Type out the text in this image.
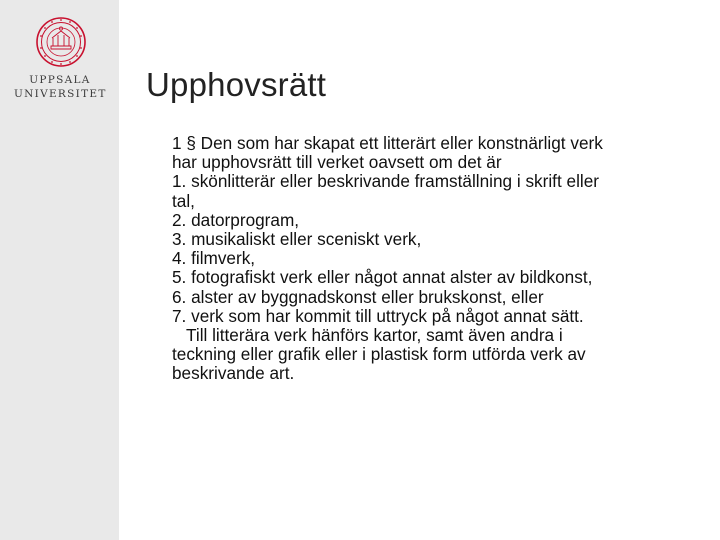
UPPSALA
UNIVERSITET Upphovsrätt
1 § Den som har skapat ett litterärt eller konstnärligt verk
har upphovsrätt till verket oavsett om det är
1. skönlitterär eller beskrivande framställning i skrift eller
tal,
2. datorprogram,
3. musikaliskt eller sceniskt verk,
4. filmverk,
5. fotografiskt verk eller något annat alster av bildkonst,
6. alster av byggnadskonst eller brukskonst, eller
7. verk som har kommit till uttryck på något annat sätt.
Till litterära verk hänförs kartor, samt även andra i
teckning eller grafik eller i plastisk form utförda verk av
beskrivande art.
